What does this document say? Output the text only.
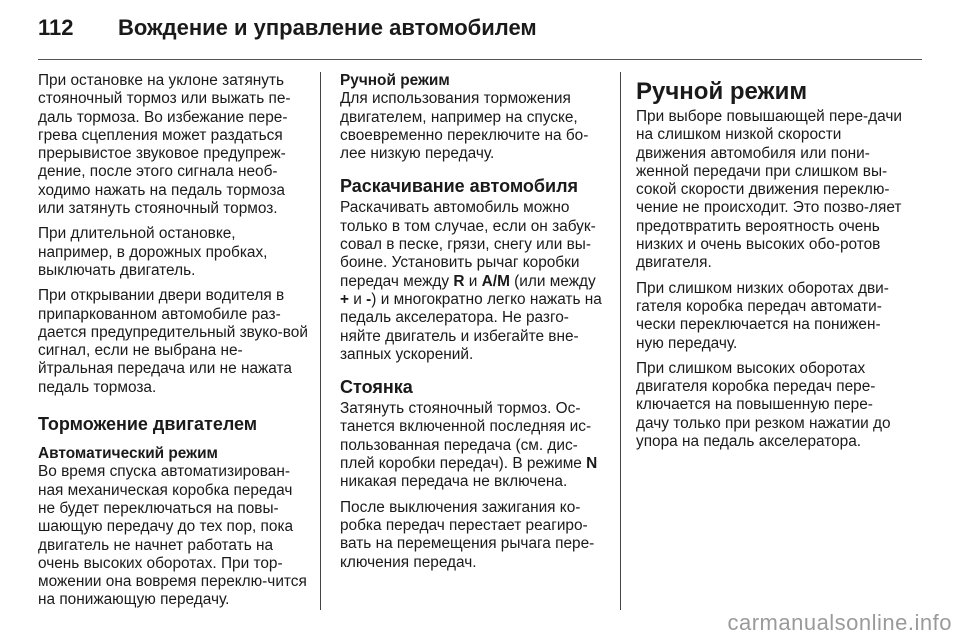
112	Вождение и управление автомобилем

При остановке на уклоне затянуть стояночный тормоз или выжать пе-даль тормоза. Во избежание пере-грева сцепления может раздаться прерывистое звуковое предупреж-дение, после этого сигнала необ-ходимо нажать на педаль тормоза или затянуть стояночный тормоз.

При длительной остановке, например, в дорожных пробках, выключать двигатель.

При открывании двери водителя в припаркованном автомобиле раз-дается предупредительный звуко-вой сигнал, если не выбрана не-йтральная передача или не нажата педаль тормоза.

Торможение двигателем
Автоматический режим

Во время спуска автоматизирован-ная механическая коробка передач не будет переключаться на повы-шающую передачу до тех пор, пока двигатель не начнет работать на очень высоких оборотах. При тор-можении она вовремя переклю-чится на понижающую передачу.

Ручной режим

Для использования торможения двигателем, например на спуске, своевременно переключите на бо-лее низкую передачу.

Раскачивание автомобиля

Раскачивать автомобиль можно только в том случае, если он забук-совал в песке, грязи, снегу или вы-боине. Установить рычаг коробки передач между R и A/M (или между + и -) и многократно легко нажать на педаль акселератора. Не разго-няйте двигатель и избегайте вне-запных ускорений.

Стоянка

Затянуть стояночный тормоз. Ос-танется включенной последняя ис-пользованная передача (см. дис-плей коробки передач). В режиме N никакая передача не включена.

После выключения зажигания ко-робка передач перестает реагиро-вать на перемещения рычага пере-ключения передач.

Ручной режим

При выборе повышающей пере-дачи на слишком низкой скорости движения автомобиля или пони-женной передачи при слишком вы-сокой скорости движения переклю-чение не происходит. Это позво-ляет предотвратить вероятность очень низких и очень высоких обо-ротов двигателя.

При слишком низких оборотах дви-гателя коробка передач автомати-чески переключается на понижен-ную передачу.

При слишком высоких оборотах двигателя коробка передач пере-ключается на повышенную пере-дачу только при резком нажатии до упора на педаль акселератора.

carmanualsonline.info
